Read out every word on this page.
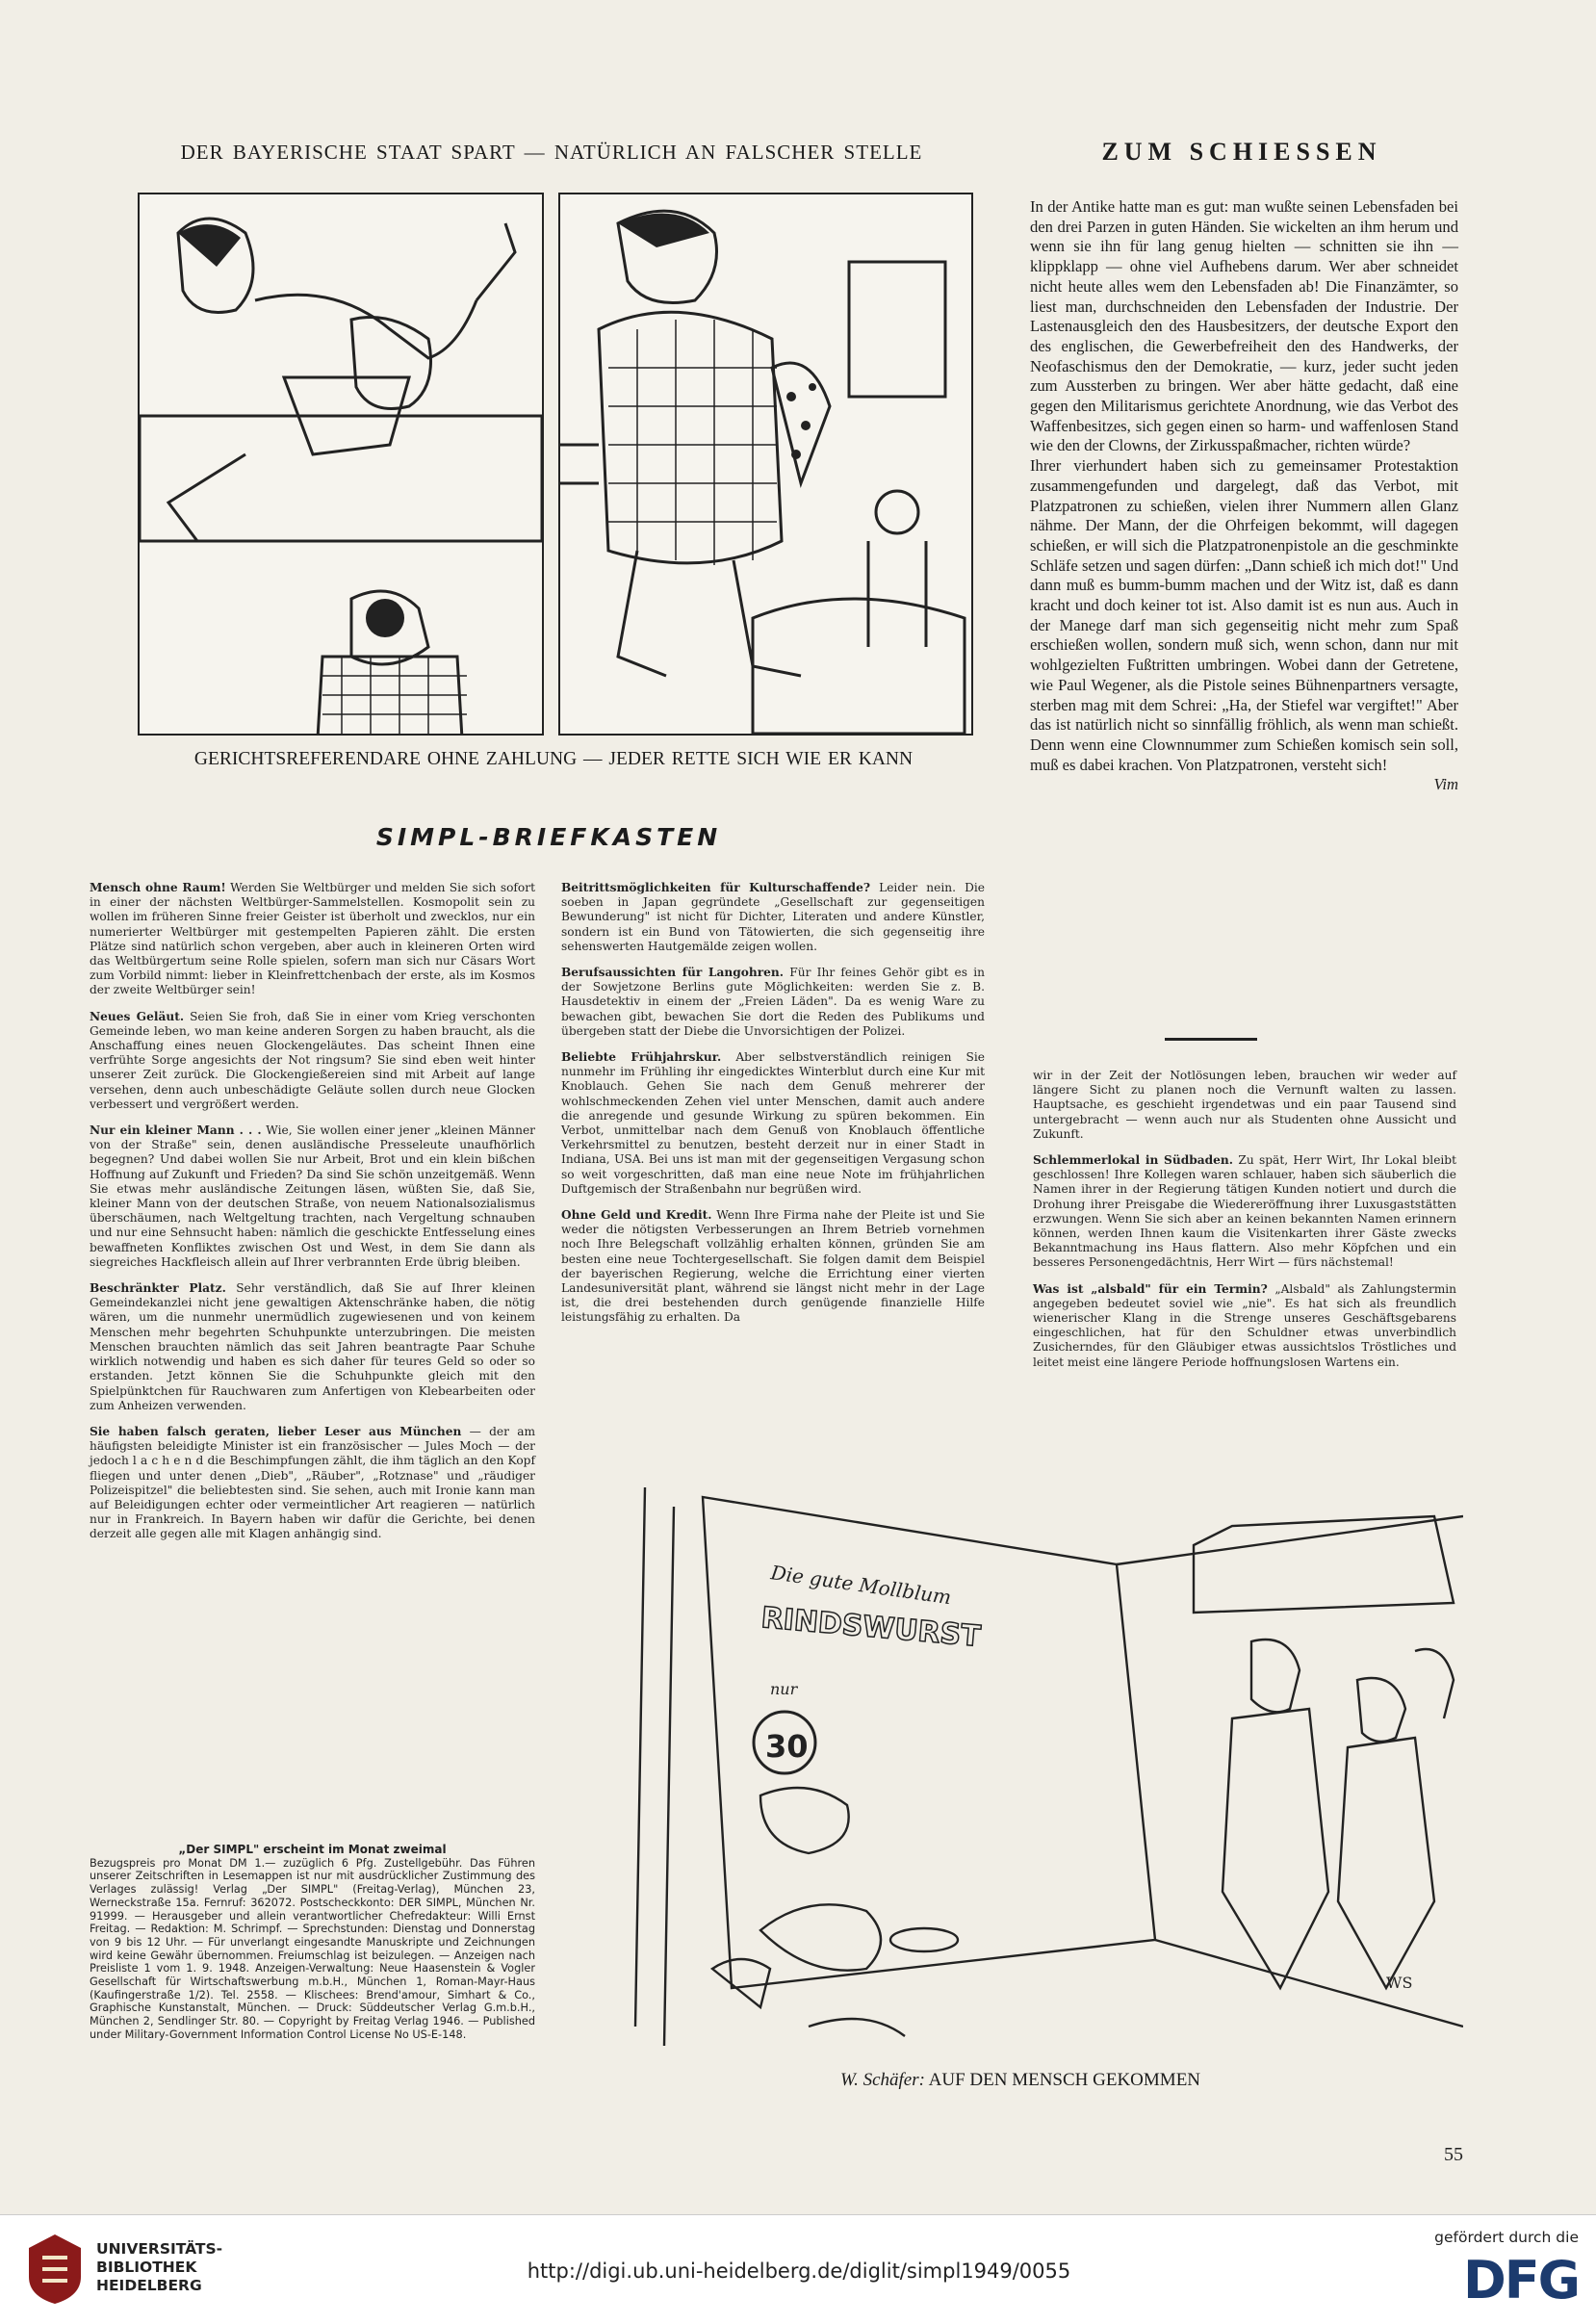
DER BAYERISCHE STAAT SPART — NATÜRLICH AN FALSCHER STELLE	ZUM SCHIESSEN
GERICHTSREFERENDARE OHNE ZAHLUNG — JEDER RETTE SICH WIE ER KANN
SIMPL-BRIEFKASTEN

Mensch ohne Raum! Werden Sie Weltbürger und melden Sie sich sofort in einer der nächsten Weltbürger-Sammelstellen. Kosmopolit sein zu wollen im früheren Sinne freier Geister ist überholt und zwecklos, nur ein numerierter Weltbürger mit gestempelten Papieren zählt. Die ersten Plätze sind natürlich schon vergeben, aber auch in kleineren Orten wird das Weltbürgertum seine Rolle spielen, sofern man sich nur Cäsars Wort zum Vorbild nimmt: lieber in Kleinfrettchenbach der erste, als im Kosmos der zweite Weltbürger sein!

Neues Geläut. Seien Sie froh, daß Sie in einer vom Krieg verschonten Gemeinde leben, wo man keine anderen Sorgen zu haben braucht, als die Anschaffung eines neuen Glockengeläutes. Das scheint Ihnen eine verfrühte Sorge angesichts der Not ringsum? Sie sind eben weit hinter unserer Zeit zurück. Die Glockengießereien sind mit Arbeit auf lange versehen, denn auch unbeschädigte Geläute sollen durch neue Glocken verbessert und vergrößert werden.

Nur ein kleiner Mann . . . Wie, Sie wollen einer jener „kleinen Männer von der Straße" sein, denen ausländische Presseleute unaufhörlich begegnen? Und dabei wollen Sie nur Arbeit, Brot und ein klein bißchen Hoffnung auf Zukunft und Frieden? Da sind Sie schön unzeitgemäß. Wenn Sie etwas mehr ausländische Zeitungen läsen, wüßten Sie, daß Sie, kleiner Mann von der deutschen Straße, von neuem Nationalsozialismus überschäumen, nach Weltgeltung trachten, nach Vergeltung schnauben und nur eine Sehnsucht haben: nämlich die geschickte Entfesselung eines bewaffneten Konfliktes zwischen Ost und West, in dem Sie dann als siegreiches Hackfleisch allein auf Ihrer verbrannten Erde übrig bleiben.

Beschränkter Platz. Sehr verständlich, daß Sie auf Ihrer kleinen Gemeindekanzlei nicht jene gewaltigen Aktenschränke haben, die nötig wären, um die nunmehr unermüdlich zugewiesenen und von keinem Menschen mehr begehrten Schuhpunkte unterzubringen. Die meisten Menschen brauchten nämlich das seit Jahren beantragte Paar Schuhe wirklich notwendig und haben es sich daher für teures Geld so oder so erstanden. Jetzt können Sie die Schuhpunkte gleich mit den Spielpünktchen für Rauchwaren zum Anfertigen von Klebearbeiten oder zum Anheizen verwenden.

Sie haben falsch geraten, lieber Leser aus München — der am häufigsten beleidigte Minister ist ein französischer — Jules Moch — der jedoch l a c h e n d die Beschimpfungen zählt, die ihm täglich an den Kopf fliegen und unter denen „Dieb", „Räuber", „Rotznase" und „räudiger Polizeispitzel" die beliebtesten sind. Sie sehen, auch mit Ironie kann man auf Beleidigungen echter oder vermeintlicher Art reagieren — natürlich nur in Frankreich. In Bayern haben wir dafür die Gerichte, bei denen derzeit alle gegen alle mit Klagen anhängig sind.

Beitrittsmöglichkeiten für Kulturschaffende? Leider nein. Die soeben in Japan gegründete „Gesellschaft zur gegenseitigen Bewunderung" ist nicht für Dichter, Literaten und andere Künstler, sondern ist ein Bund von Tätowierten, die sich gegenseitig ihre sehenswerten Hautgemälde zeigen wollen.

Berufsaussichten für Langohren. Für Ihr feines Gehör gibt es in der Sowjetzone Berlins gute Möglichkeiten: werden Sie z. B. Hausdetektiv in einem der „Freien Läden". Da es wenig Ware zu bewachen gibt, bewachen Sie dort die Reden des Publikums und übergeben statt der Diebe die Unvorsichtigen der Polizei.

Beliebte Frühjahrskur. Aber selbstverständlich reinigen Sie nunmehr im Frühling ihr eingedicktes Winterblut durch eine Kur mit Knoblauch. Gehen Sie nach dem Genuß mehrerer der wohlschmeckenden Zehen viel unter Menschen, damit auch andere die anregende und gesunde Wirkung zu spüren bekommen. Ein Verbot, unmittelbar nach dem Genuß von Knoblauch öffentliche Verkehrsmittel zu benutzen, besteht derzeit nur in einer Stadt in Indiana, USA. Bei uns ist man mit der gegenseitigen Vergasung schon so weit vorgeschritten, daß man eine neue Note im frühjahrlichen Duftgemisch der Straßenbahn nur begrüßen wird.

Ohne Geld und Kredit. Wenn Ihre Firma nahe der Pleite ist und Sie weder die nötigsten Verbesserungen an Ihrem Betrieb vornehmen noch Ihre Belegschaft vollzählig erhalten können, gründen Sie am besten eine neue Tochtergesellschaft. Sie folgen damit dem Beispiel der bayerischen Regierung, welche die Errichtung einer vierten Landesuniversität plant, während sie längst nicht mehr in der Lage ist, die drei bestehenden durch genügende finanzielle Hilfe leistungsfähig zu erhalten. Da

In der Antike hatte man es gut: man wußte seinen Lebensfaden bei den drei Parzen in guten Händen. Sie wickelten an ihm herum und wenn sie ihn für lang genug hielten — schnitten sie ihn — klippklapp — ohne viel Aufhebens darum. Wer aber schneidet nicht heute alles wem den Lebensfaden ab! Die Finanzämter, so liest man, durchschneiden den Lebensfaden der Industrie. Der Lastenausgleich den des Hausbesitzers, der deutsche Export den des englischen, die Gewerbefreiheit den des Handwerks, der Neofaschismus den der Demokratie, — kurz, jeder sucht jeden zum Aussterben zu bringen. Wer aber hätte gedacht, daß eine gegen den Militarismus gerichtete Anordnung, wie das Verbot des Waffenbesitzes, sich gegen einen so harm- und waffenlosen Stand wie den der Clowns, der Zirkusspaßmacher, richten würde?

Ihrer vierhundert haben sich zu gemeinsamer Protestaktion zusammengefunden und dargelegt, daß das Verbot, mit Platzpatronen zu schießen, vielen ihrer Nummern allen Glanz nähme. Der Mann, der die Ohrfeigen bekommt, will dagegen schießen, er will sich die Platzpatronenpistole an die geschminkte Schläfe setzen und sagen dürfen: „Dann schieß ich mich dot!" Und dann muß es bumm-bumm machen und der Witz ist, daß es dann kracht und doch keiner tot ist. Also damit ist es nun aus. Auch in der Manege darf man sich gegenseitig nicht mehr zum Spaß erschießen wollen, sondern muß sich, wenn schon, dann nur mit wohlgezielten Fußtritten umbringen. Wobei dann der Getretene, wie Paul Wegener, als die Pistole seines Bühnenpartners versagte, sterben mag mit dem Schrei: „Ha, der Stiefel war vergiftet!" Aber das ist natürlich nicht so sinnfällig fröhlich, als wenn man schießt. Denn wenn eine Clownnummer zum Schießen komisch sein soll, muß es dabei krachen. Von Platzpatronen, versteht sich!

Vim

wir in der Zeit der Notlösungen leben, brauchen wir weder auf längere Sicht zu planen noch die Vernunft walten zu lassen. Hauptsache, es geschieht irgendetwas und ein paar Tausend sind untergebracht — wenn auch nur als Studenten ohne Aussicht und Zukunft.

Schlemmerlokal in Südbaden. Zu spät, Herr Wirt, Ihr Lokal bleibt geschlossen! Ihre Kollegen waren schlauer, haben sich säuberlich die Namen ihrer in der Regierung tätigen Kunden notiert und durch die Drohung ihrer Preisgabe die Wiedereröffnung ihrer Luxusgaststätten erzwungen. Wenn Sie sich aber an keinen bekannten Namen erinnern können, werden Ihnen kaum die Visitenkarten ihrer Gäste zwecks Bekanntmachung ins Haus flattern. Also mehr Köpfchen und ein besseres Personengedächtnis, Herr Wirt — fürs nächstemal!

Was ist „alsbald" für ein Termin? „Alsbald" als Zahlungstermin angegeben bedeutet soviel wie „nie". Es hat sich als freundlich wienerischer Klang in die Strenge unseres Geschäftsgebarens eingeschlichen, hat für den Schuldner etwas unverbindlich Zusicherndes, für den Gläubiger etwas aussichtslos Tröstliches und leitet meist eine längere Periode hoffnungslosen Wartens ein.

„Der SIMPL" erscheint im Monat zweimal
Bezugspreis pro Monat DM 1.— zuzüglich 6 Pfg. Zustellgebühr. Das Führen unserer Zeitschriften in Lesemappen ist nur mit ausdrücklicher Zustimmung des Verlages zulässig! Verlag „Der SIMPL" (Freitag-Verlag), München 23, Werneckstraße 15a. Fernruf: 362072. Postscheckkonto: DER SIMPL, München Nr. 91999. — Herausgeber und allein verantwortlicher Chefredakteur: Willi Ernst Freitag. — Redaktion: M. Schrimpf. — Sprechstunden: Dienstag und Donnerstag von 9 bis 12 Uhr. — Für unverlangt eingesandte Manuskripte und Zeichnungen wird keine Gewähr übernommen. Freiumschlag ist beizulegen. — Anzeigen nach Preisliste 1 vom 1. 9. 1948. Anzeigen-Verwaltung: Neue Haasenstein & Vogler Gesellschaft für Wirtschaftswerbung m.b.H., München 1, Roman-Mayr-Haus (Kaufingerstraße 1/2). Tel. 2558. — Klischees: Brend'amour, Simhart & Co., Graphische Kunstanstalt, München. — Druck: Süddeutscher Verlag G.m.b.H., München 2, Sendlinger Str. 80. — Copyright by Freitag Verlag 1946. — Published under Military-Government Information Control License No US-E-148.
Die gute Mollblum
RINDSWURST
nur
30
WS
W. Schäfer: AUF DEN MENSCH GEKOMMEN
55
UNIVERSITÄTS-
BIBLIOTHEK
HEIDELBERG
http://digi.ub.uni-heidelberg.de/diglit/simpl1949/0055
gefördert durch die
DFG
